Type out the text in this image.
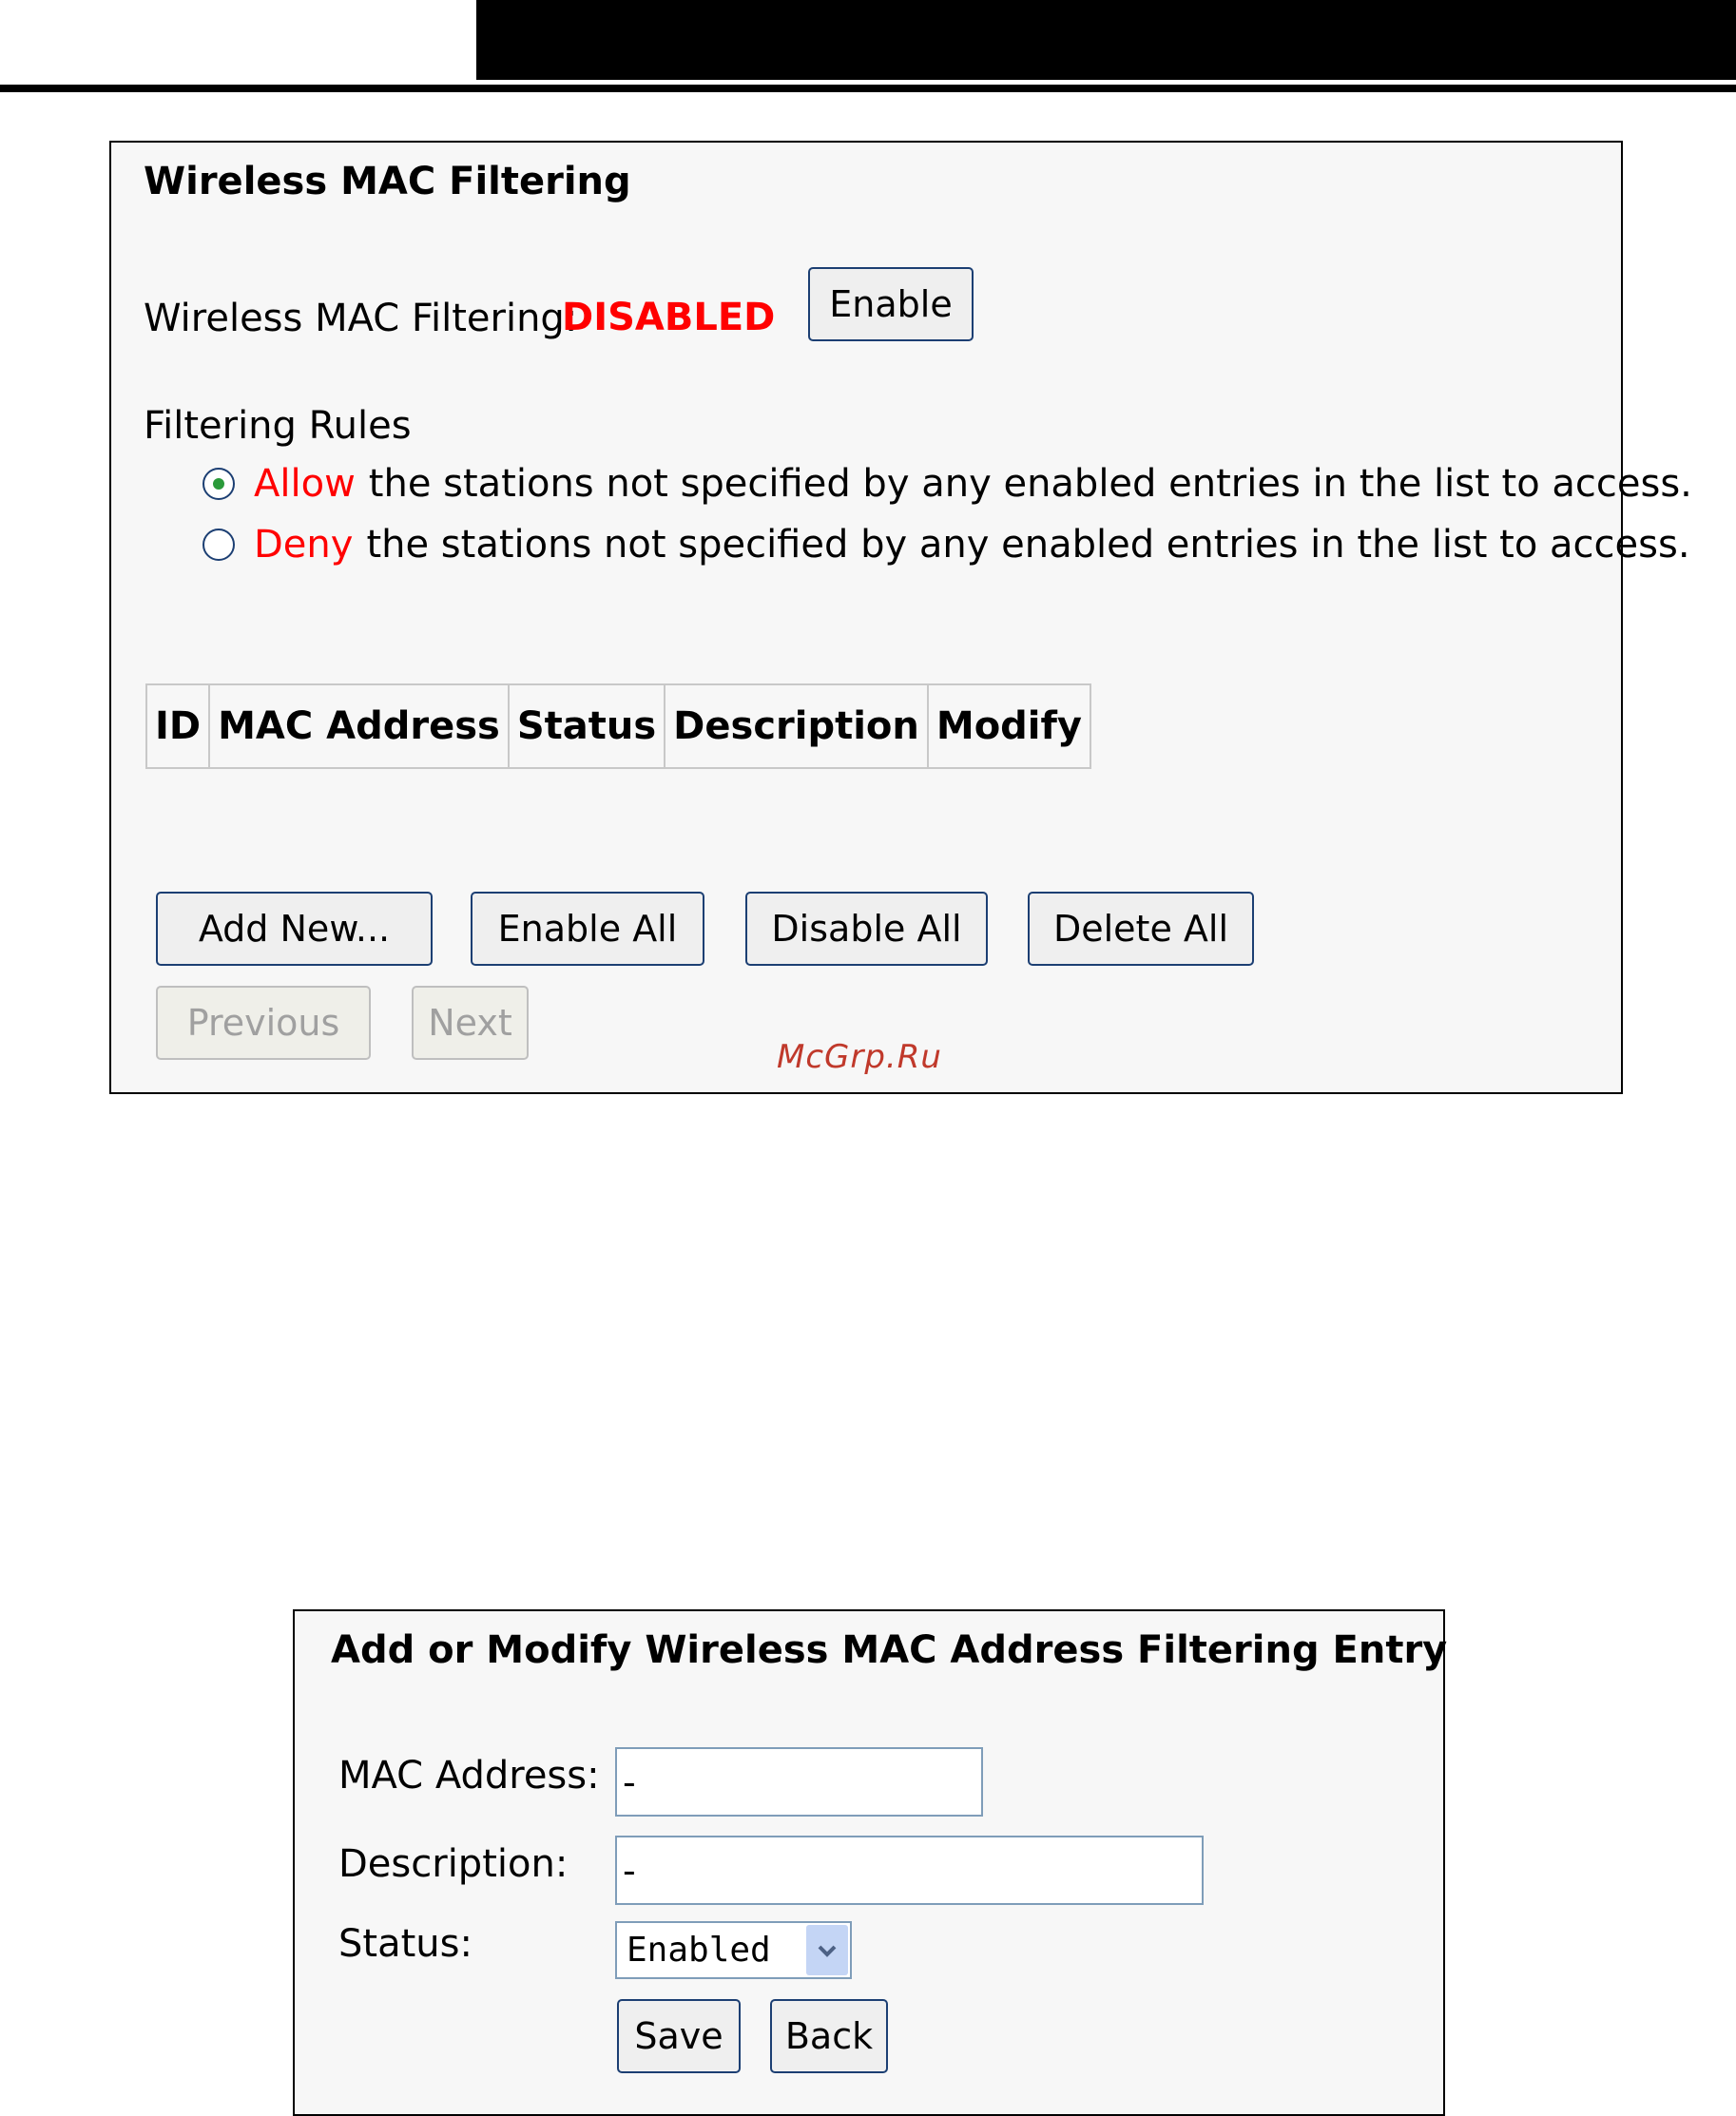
Wireless MAC Filtering
Wireless MAC Filtering:
DISABLED	Enable
Filtering Rules
Allow the stations not specified by any enabled entries in the list to access.
Deny the stations not specified by any enabled entries in the list to access.
ID	MAC Address	Status	Description	Modify
Add New...	Enable All	Disable All	Delete All
Previous	Next
McGrp.Ru
Add or Modify Wireless MAC Address Filtering Entry
MAC Address:
-
Description:
-
Status:	Enabled
Save	Back
